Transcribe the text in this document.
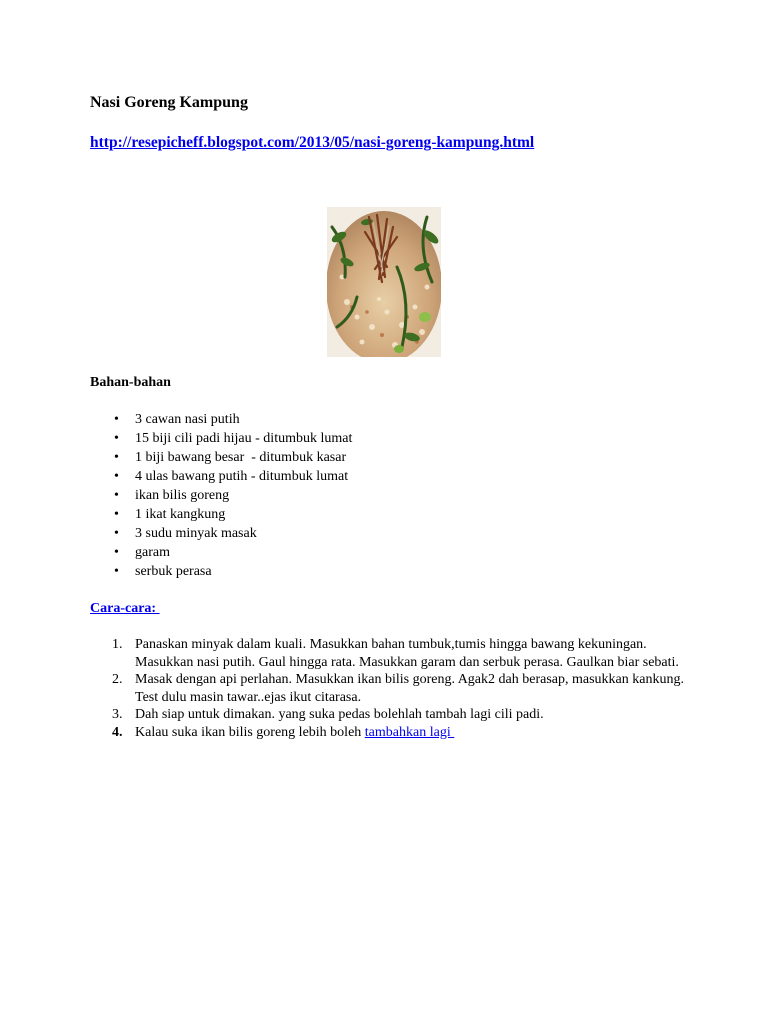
Nasi Goreng Kampung
http://resepicheff.blogspot.com/2013/05/nasi-goreng-kampung.html
Bahan-bahan
• 3 cawan nasi putih
• 15 biji cili padi hijau - ditumbuk lumat
• 1 biji bawang besar  - ditumbuk kasar
• 4 ulas bawang putih - ditumbuk lumat
• ikan bilis goreng
• 1 ikat kangkung
• 3 sudu minyak masak
• garam
• serbuk perasa
Cara-cara:
1. Panaskan minyak dalam kuali. Masukkan bahan tumbuk,tumis hingga bawang kekuningan. Masukkan nasi putih. Gaul hingga rata. Masukkan garam dan serbuk perasa. Gaulkan biar sebati.
2. Masak dengan api perlahan. Masukkan ikan bilis goreng. Agak2 dah berasap, masukkan kankung. Test dulu masin tawar..ejas ikut citarasa.
3. Dah siap untuk dimakan. yang suka pedas bolehlah tambah lagi cili padi.
4. Kalau suka ikan bilis goreng lebih boleh tambahkan lagi
